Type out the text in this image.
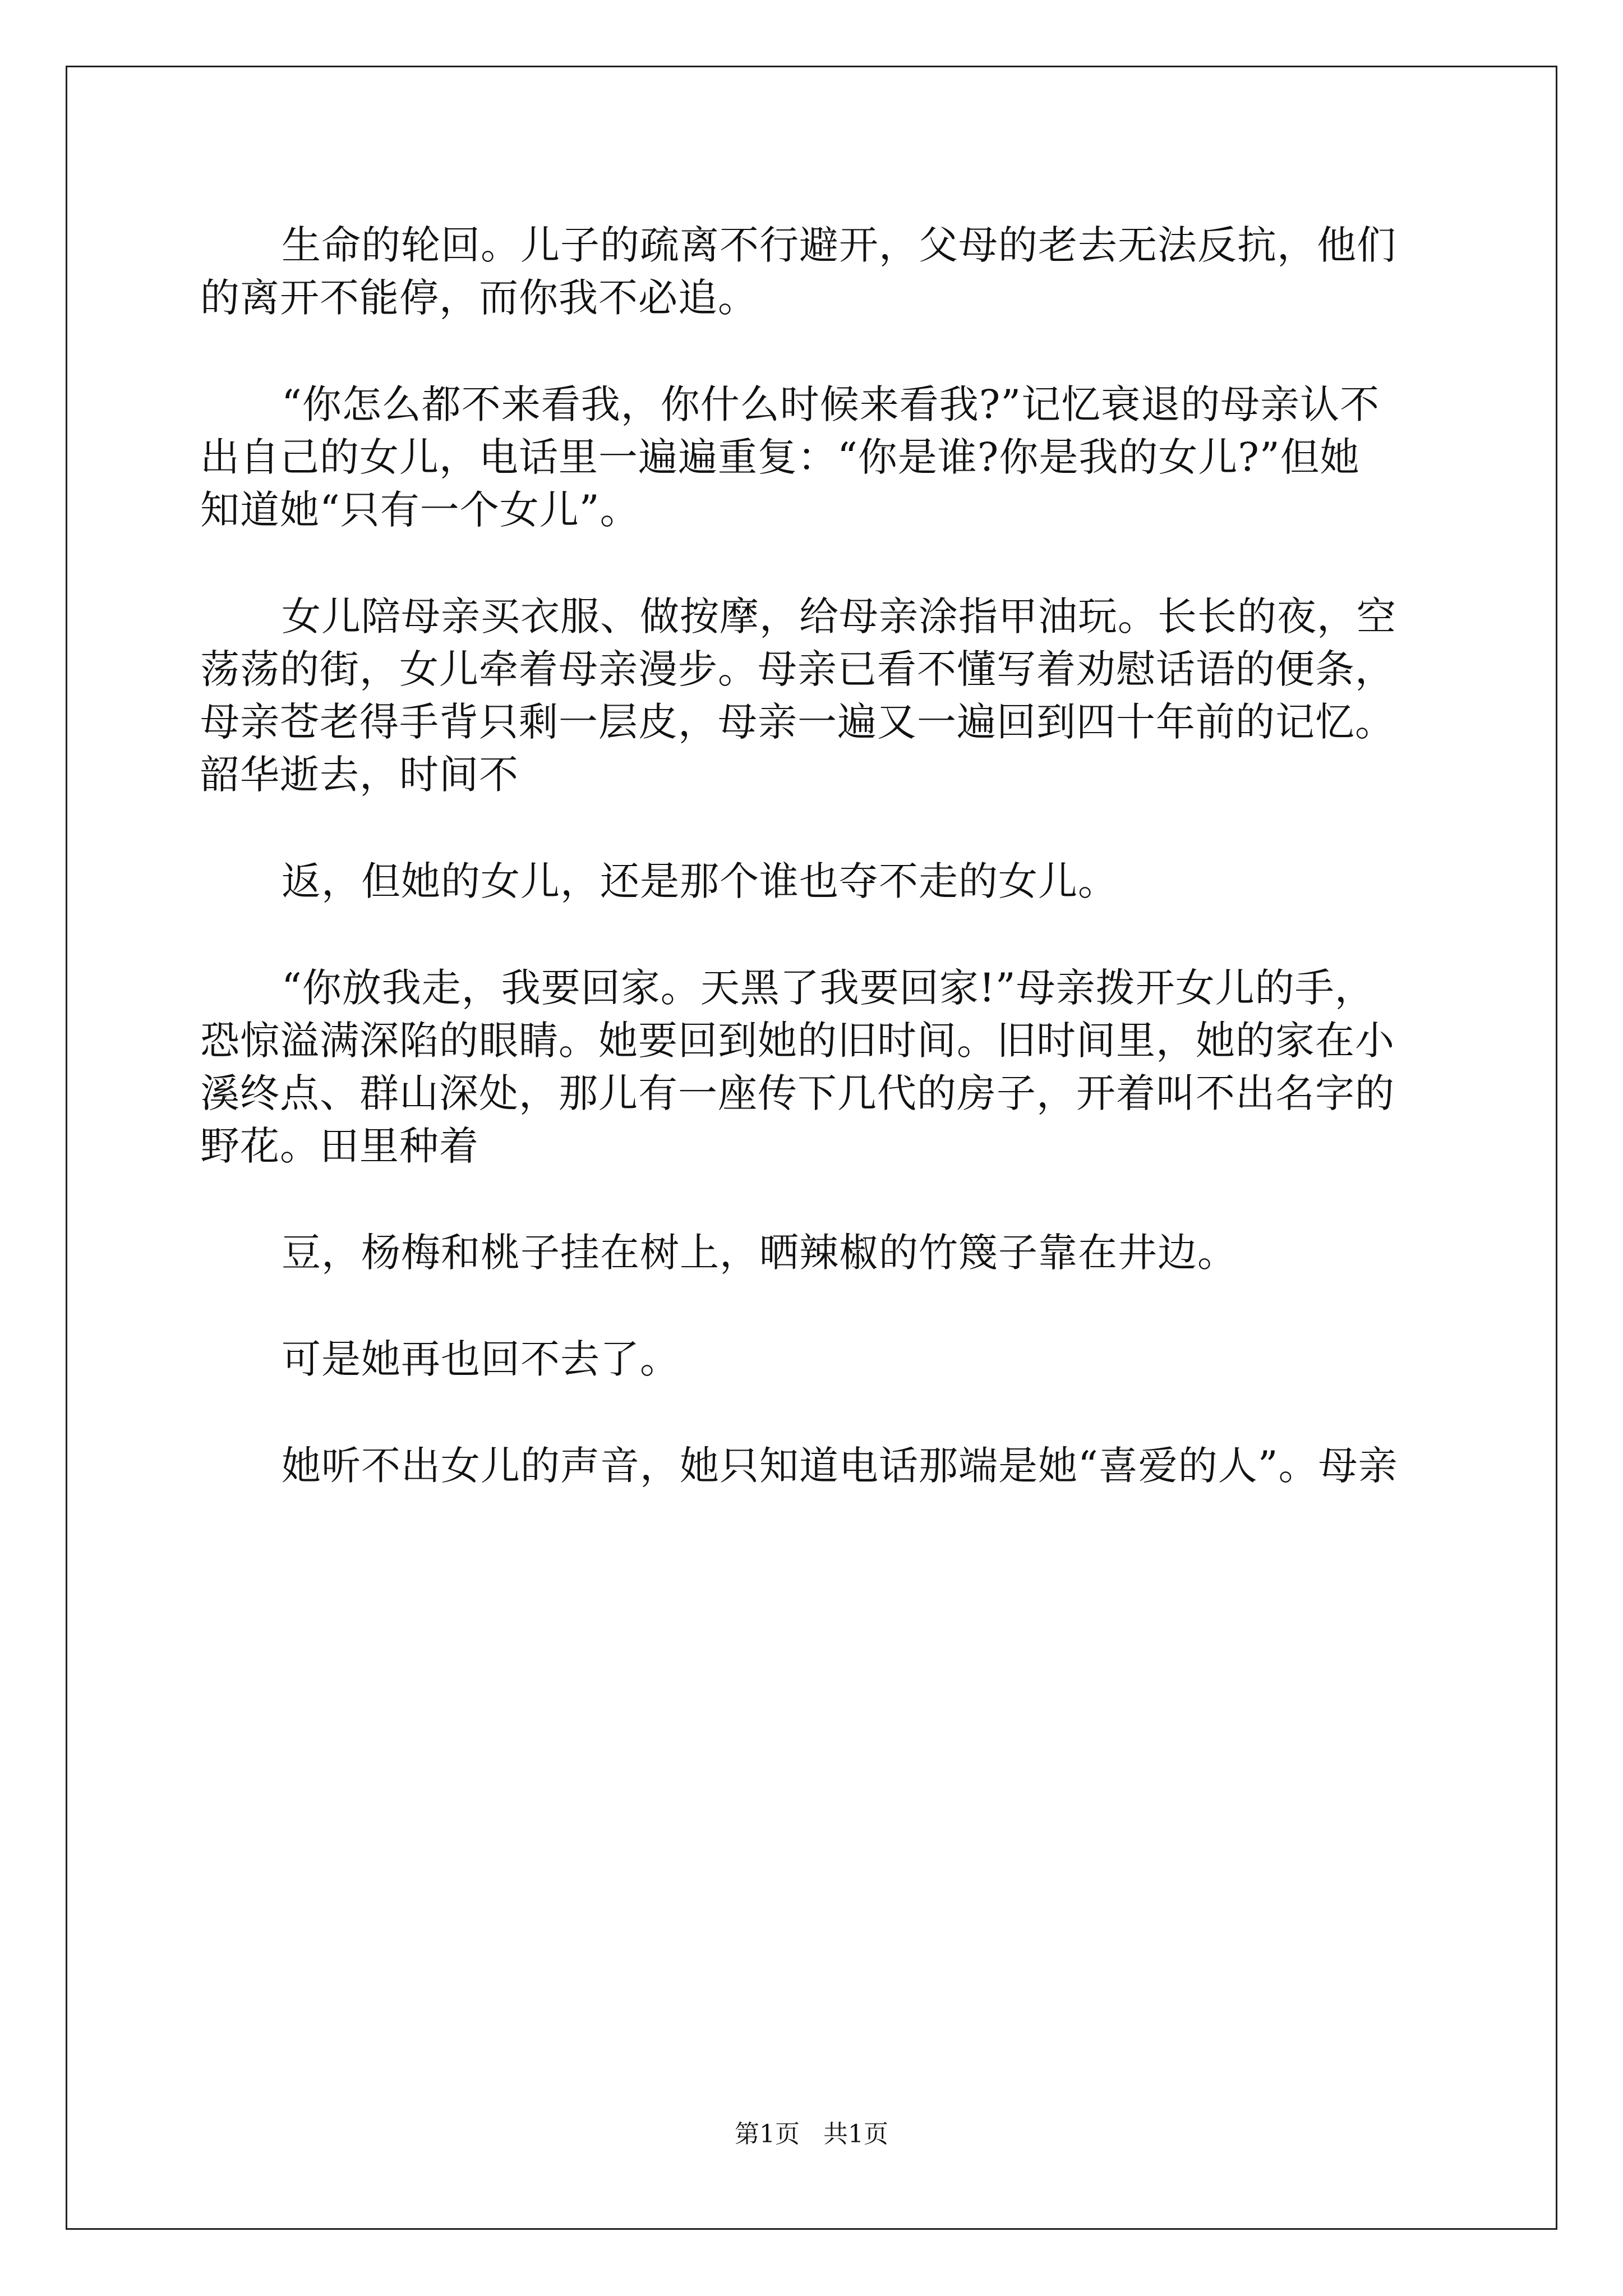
生命的轮回。儿子的疏离不行避开，父母的老去无法反抗，他们
的离开不能停，而你我不必追。
“你怎么都不来看我，你什么时候来看我?”记忆衰退的母亲认不
出自己的女儿，电话里一遍遍重复：“你是谁?你是我的女儿?”但她
知道她“只有一个女儿”。
女儿陪母亲买衣服、做按摩，给母亲涂指甲油玩。长长的夜，空
荡荡的街，女儿牵着母亲漫步。母亲已看不懂写着劝慰话语的便条，
母亲苍老得手背只剩一层皮，母亲一遍又一遍回到四十年前的记忆。
韶华逝去，时间不
返，但她的女儿，还是那个谁也夺不走的女儿。
“你放我走，我要回家。天黑了我要回家!”母亲拨开女儿的手，
恐惊溢满深陷的眼睛。她要回到她的旧时间。旧时间里，她的家在小
溪终点、群山深处，那儿有一座传下几代的房子，开着叫不出名字的
野花。田里种着
豆，杨梅和桃子挂在树上，晒辣椒的竹篾子靠在井边。
可是她再也回不去了。
她听不出女儿的声音，她只知道电话那端是她“喜爱的人”。母亲
第1页 共1页
